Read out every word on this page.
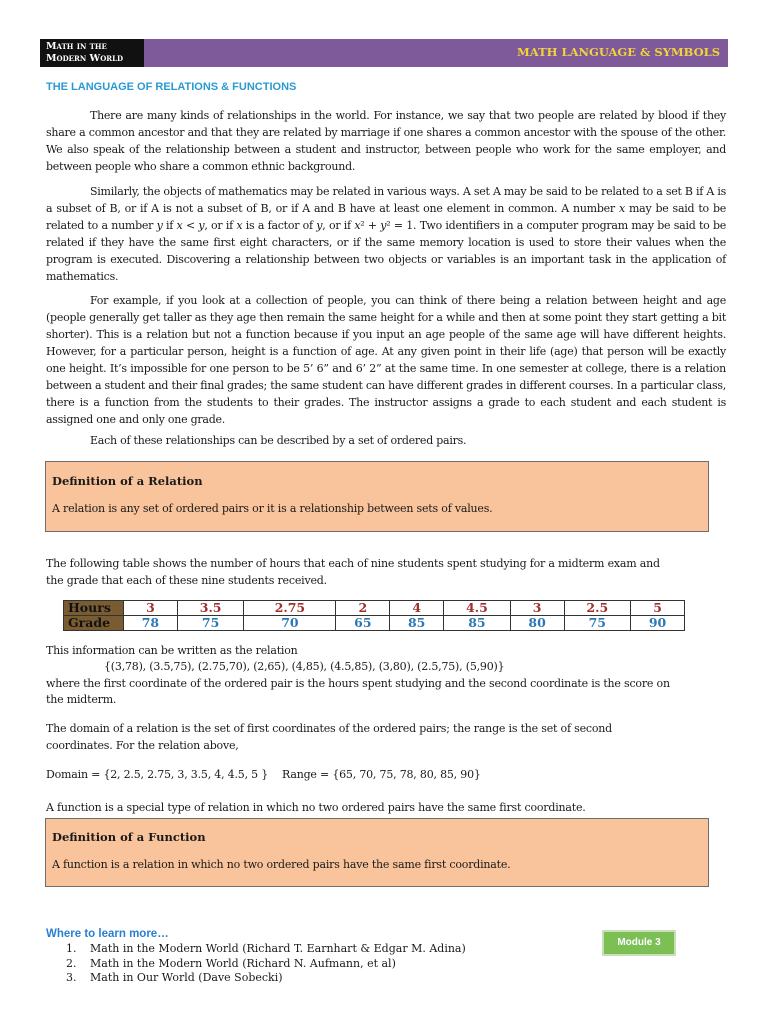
Math in the
Modern World	MATH LANGUAGE & SYMBOLS
THE LANGUAGE OF RELATIONS & FUNCTIONS
There are many kinds of relationships in the world. For instance, we say that two people are related by blood if they share a common ancestor and that they are related by marriage if one shares a common ancestor with the spouse of the other. We also speak of the relationship between a student and instructor, between people who work for the same employer, and between people who share a common ethnic background.
Similarly, the objects of mathematics may be related in various ways. A set A may be said to be related to a set B if A is a subset of B, or if A is not a subset of B, or if A and B have at least one element in common. A number 𝑥 may be said to be related to a number 𝑦 if 𝑥 < 𝑦, or if 𝑥 is a factor of 𝑦, or if 𝑥² + 𝑦² = 1. Two identifiers in a computer program may be said to be related if they have the same first eight characters, or if the same memory location is used to store their values when the program is executed. Discovering a relationship between two objects or variables is an important task in the application of mathematics.
For example, if you look at a collection of people, you can think of there being a relation between height and age (people generally get taller as they age then remain the same height for a while and then at some point they start getting a bit shorter). This is a relation but not a function because if you input an age people of the same age will have different heights. However, for a particular person, height is a function of age. At any given point in their life (age) that person will be exactly one height. It’s impossible for one person to be 5’ 6” and 6’ 2” at the same time. In one semester at college, there is a relation between a student and their final grades; the same student can have different grades in different courses. In a particular class, there is a function from the students to their grades. The instructor assigns a grade to each student and each student is assigned one and only one grade.
Each of these relationships can be described by a set of ordered pairs.
Definition of a Relation
A relation is any set of ordered pairs or it is a relationship between sets of values.
The following table shows the number of hours that each of nine students spent studying for a midterm exam and
the grade that each of these nine students received.
Hours	3	3.5	2.75	2	4	4.5	3	2.5	5
Grade	78	75	70	65	85	85	80	75	90
This information can be written as the relation
{(3,78), (3.5,75), (2.75,70), (2,65), (4,85), (4.5,85), (3,80), (2.5,75), (5,90)}
where the first coordinate of the ordered pair is the hours spent studying and the second coordinate is the score on
the midterm.
The domain of a relation is the set of first coordinates of the ordered pairs; the range is the set of second
coordinates. For the relation above,
Domain = {2, 2.5, 2.75, 3, 3.5, 4, 4.5, 5 } Range = {65, 70, 75, 78, 80, 85, 90}
A function is a special type of relation in which no two ordered pairs have the same first coordinate.
Definition of a Function
A function is a relation in which no two ordered pairs have the same first coordinate.
Where to learn more…
1. Math in the Modern World (Richard T. Earnhart & Edgar M. Adina)
2. Math in the Modern World (Richard N. Aufmann, et al)
3. Math in Our World (Dave Sobecki)
Module 3
